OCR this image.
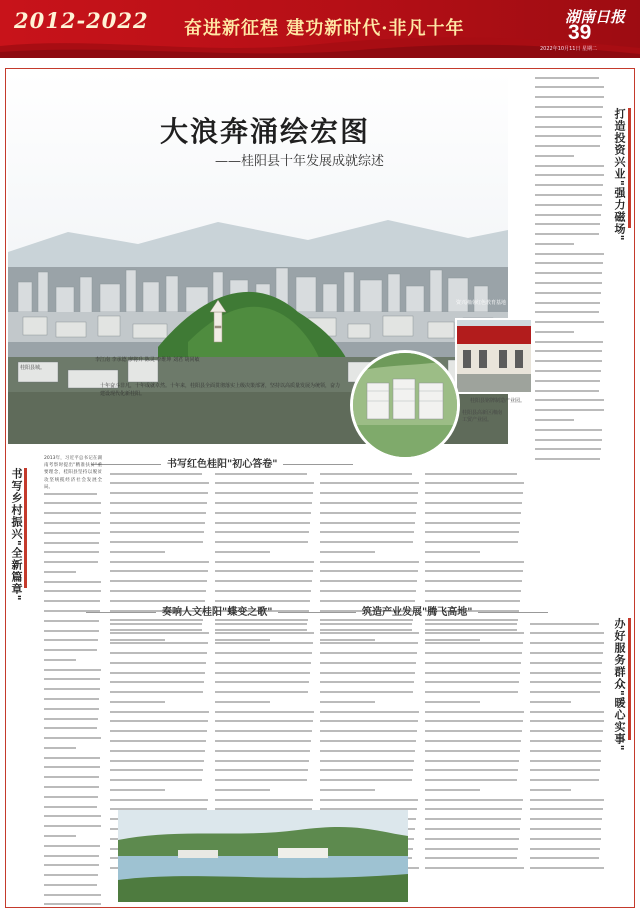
2012-2022 奋进新征程 建功新时代·非凡十年
湖南日报
39
2022年10月11日 星期二
大浪奔涌绘宏图
——桂阳县十年发展成就综述
桂阳县城。
李江南 李承德 廖将升 陈灵 李维坤 刘君 胡同敏
资兴湘南红色教育基地
桂阳县铭牌制造产业园。
桂阳县高新区湘南工贸产业园。
十年奋斗非凡，十年成就卓然。十年来，桂阳县全面贯彻落实上级决策部署，坚持以高质量发展为统领，奋力建设现代化新桂阳。
打造投资兴业"强力磁场"
办好服务群众"暖心实事"
书写乡村振兴"全新篇章"
书写红色桂阳"初心答卷"
2013年，习近平总书记在湖南考察时提出"精准扶贫"重要理念，桂阳县坚持以脱贫攻坚统揽经济社会发展全局。
奏响人文桂阳"蝶变之歌"	筑造产业发展"腾飞高地"
